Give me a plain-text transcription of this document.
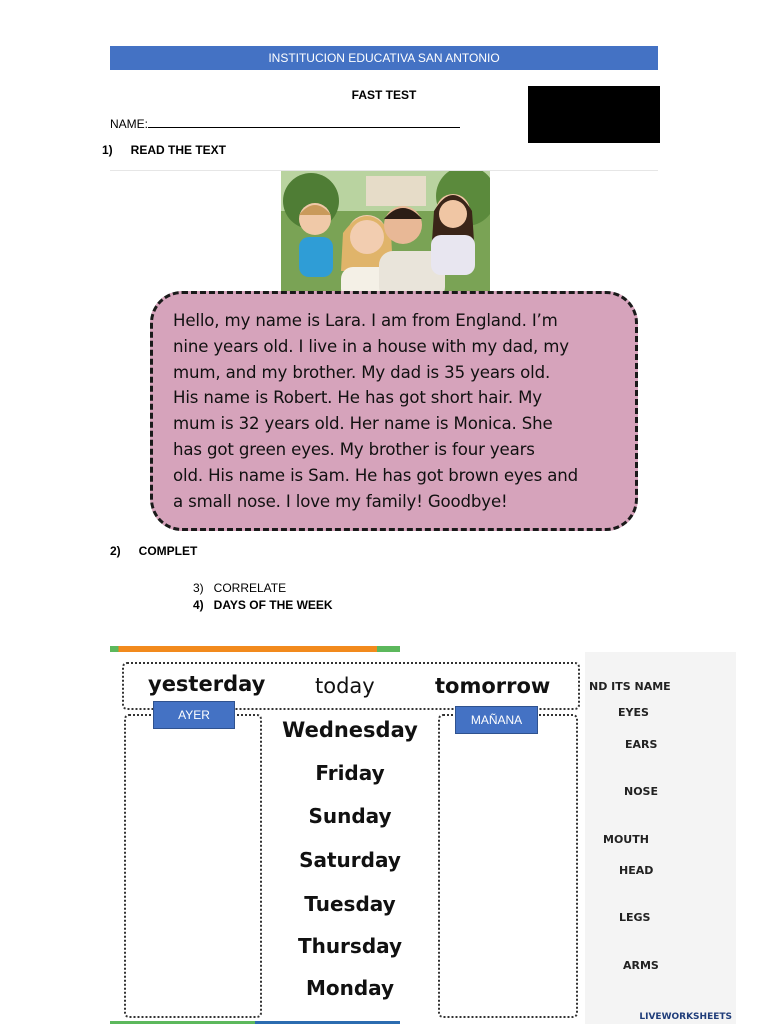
INSTITUCION EDUCATIVA SAN ANTONIO
FAST TEST
NAME:
1) READ THE TEXT

Hello, my name is Lara. I am from England. I’m

nine years old. I live in a house with my dad, my

mum, and my brother. My dad is 35 years old.

His name is Robert. He has got short hair. My

mum is 32 years old. Her name is Monica. She

has got green eyes. My brother is four years

old. His name is Sam. He has got brown eyes and

a small nose. I love my family! Goodbye!

2) COMPLET
3) CORRELATE
4) DAYS OF THE WEEK
yesterday today	tomorrow
AYER	MAÑANA
Wednesday
Friday
Sunday
Saturday
Tuesday
Thursday
Monday
ND ITS NAME
EYES
EARS
NOSE
MOUTH
HEAD
LEGS
ARMS
LIVEWORKSHEETS
